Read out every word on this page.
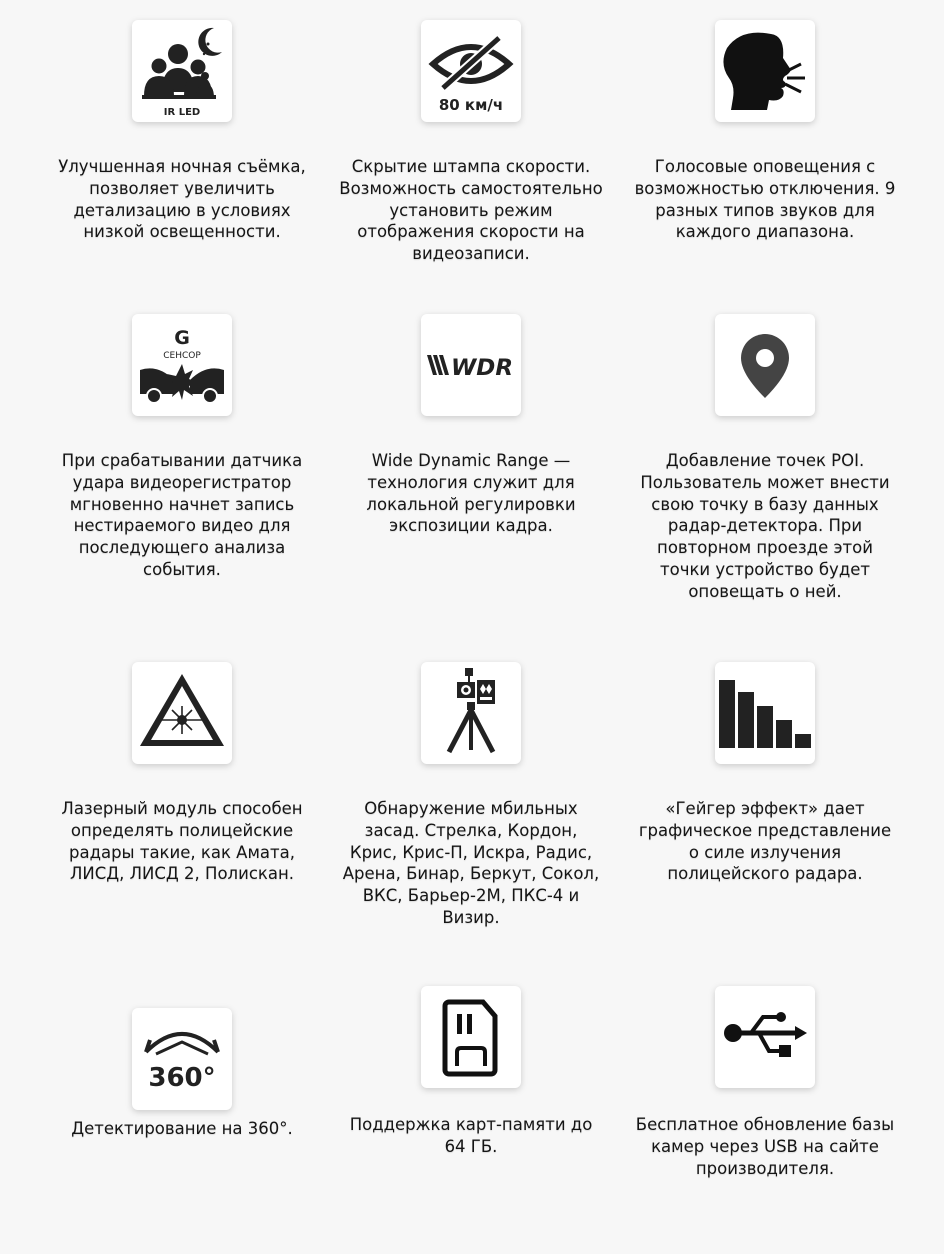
IR LED
Улучшенная ночная съёмка,
позволяет увеличить
детализацию в условиях
низкой освещенности.
80 км/ч
Скрытие штампа скорости.
Возможность самостоятельно
установить режим
отображения скорости на
видеозаписи.
Голосовые оповещения с
возможностью отключения. 9
разных типов звуков для
каждого диапазона.
G
СЕНСОР
При срабатывании датчика
удара видеорегистратор
мгновенно начнет запись
нестираемого видео для
последующего анализа
события.
WDR
Wide Dynamic Range —
технология служит для
локальной регулировки
экспозиции кадра.
Добавление точек POI.
Пользователь может внести
свою точку в базу данных
радар-детектора. При
повторном проезде этой
точки устройство будет
оповещать о ней.
Лазерный модуль способен
определять полицейские
радары такие, как Амата,
ЛИСД, ЛИСД 2, Полискан.
Обнаружение мбильных
засад. Стрелка, Кордон,
Крис, Крис-П, Искра, Радис,
Арена, Бинар, Беркут, Сокол,
ВКС, Барьер-2М, ПКС-4 и
Визир.
«Гейгер эффект» дает
графическое представление
о силе излучения
полицейского радара.
360°
Детектирование на 360°.	Поддержка карт-памяти до
64 ГБ.
Бесплатное обновление базы
камер через USB на сайте
производителя.
